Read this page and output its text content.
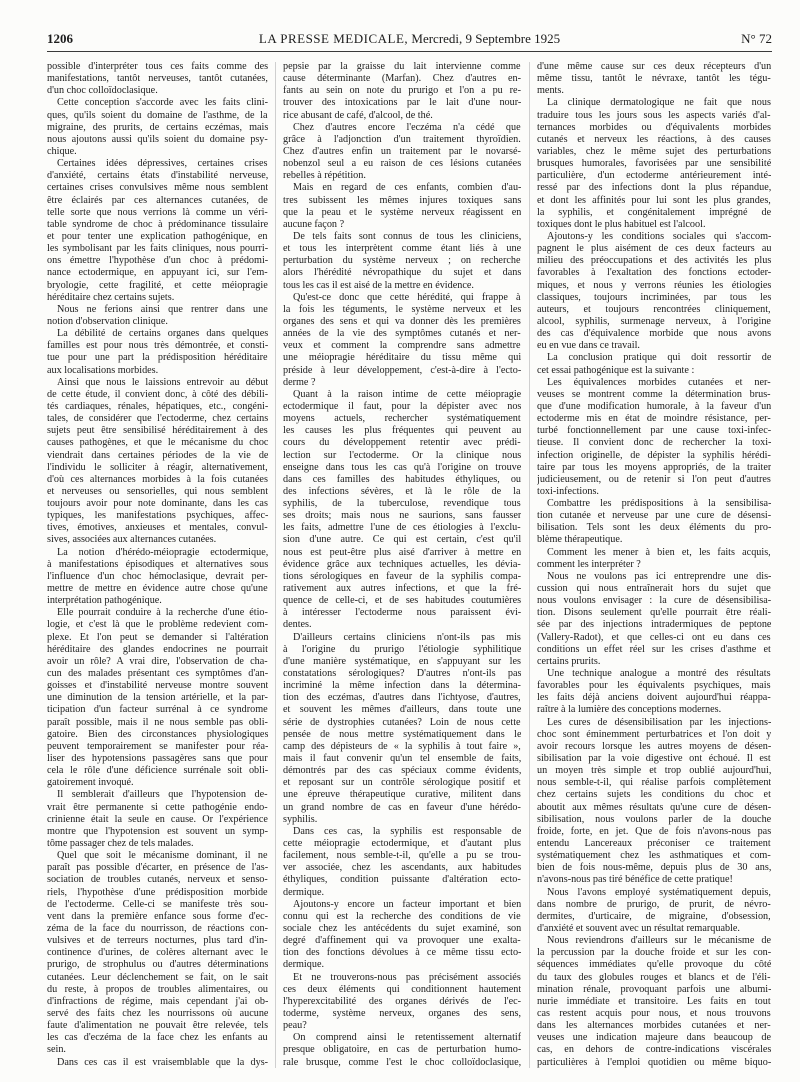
1206	LA PRESSE MEDICALE, Mercredi, 9 Septembre 1925	N° 72
possible d'interpréter tous ces faits comme des
manifestations, tantôt nerveuses, tantôt cutanées,
d'un choc colloïdoclasique.
Cette conception s'accorde avec les faits clini-
ques, qu'ils soient du domaine de l'asthme, de la
migraine, des prurits, de certains eczémas, mais
nous ajoutons aussi qu'ils soient du domaine psy-
chique.
Certaines idées dépressives, certaines crises
d'anxiété, certains états d'instabilité nerveuse,
certaines crises convulsives même nous semblent
être éclairés par ces alternances cutanées, de
telle sorte que nous verrions là comme un véri-
table syndrome de choc à prédominance tissulaire
et pour tenter une explication pathogénique, en
les symbolisant par les faits cliniques, nous pourri-
ons émettre l'hypothèse d'un choc à prédomi-
nance ectodermique, en appuyant ici, sur l'em-
bryologie, cette fragilité, et cette méiopragie
héréditaire chez certains sujets.
Nous ne ferions ainsi que rentrer dans une
notion d'observation clinique.
La débilité de certains organes dans quelques
familles est pour nous très démontrée, et consti-
tue pour une part la prédisposition héréditaire
aux localisations morbides.
Ainsi que nous le laissions entrevoir au début
de cette étude, il convient donc, à côté des débili-
tés cardiaques, rénales, hépatiques, etc., congéni-
tales, de considérer que l'ectoderme, chez certains
sujets peut être sensibilisé héréditairement à des
causes pathogènes, et que le mécanisme du choc
viendrait dans certaines périodes de la vie de
l'individu le solliciter à réagir, alternativement,
d'où ces alternances morbides à la fois cutanées
et nerveuses ou sensorielles, qui nous semblent
toujours avoir pour note dominante, dans les cas
typiques, les manifestations psychiques, affec-
tives, émotives, anxieuses et mentales, convul-
sives, associées aux alternances cutanées.
La notion d'hérédo-méiopragie ectodermique,
à manifestations épisodiques et alternatives sous
l'influence d'un choc hémoclasique, devrait per-
mettre de mettre en évidence autre chose qu'une
interprétation pathogénique.
Elle pourrait conduire à la recherche d'une étio-
logie, et c'est là que le problème redevient com-
plexe. Et l'on peut se demander si l'altération
héréditaire des glandes endocrines ne pourrait
avoir un rôle? A vrai dire, l'observation de cha-
cun des malades présentant ces symptômes d'an-
goisses et d'instabilité nerveuse montre souvent
une diminution de la tension artérielle, et la par-
ticipation d'un facteur surrénal à ce syndrome
paraît possible, mais il ne nous semble pas obli-
gatoire. Bien des circonstances physiologiques
peuvent temporairement se manifester pour réa-
liser des hypotensions passagères sans que pour
cela le rôle d'une déficience surrénale soit obli-
gatoirement invoqué.
Il semblerait d'ailleurs que l'hypotension de-
vrait être permanente si cette pathogénie endo-
crinienne était la seule en cause. Or l'expérience
montre que l'hypotension est souvent un symp-
tôme passager chez de tels malades.
Quel que soit le mécanisme dominant, il ne
paraît pas possible d'écarter, en présence de l'as-
sociation de troubles cutanés, nerveux et senso-
riels, l'hypothèse d'une prédisposition morbide
de l'ectoderme. Celle-ci se manifeste très sou-
vent dans la première enfance sous forme d'ec-
zéma de la face du nourrisson, de réactions con-
vulsives et de terreurs nocturnes, plus tard d'in-
continence d'urines, de colères alternant avec le
prurigo, de strophulus ou d'autres déterminations
cutanées. Leur déclenchement se fait, on le sait
du reste, à propos de troubles alimentaires, ou
d'infractions de régime, mais cependant j'ai ob-
servé des faits chez les nourrissons où aucune
faute d'alimentation ne pouvait être relevée, tels
les cas d'eczéma de la face chez les enfants au
sein.
Dans ces cas il est vraisemblable que la dys-
pepsie par la graisse du lait intervienne comme
cause déterminante (Marfan). Chez d'autres en-
fants au sein on note du prurigo et l'on a pu re-
trouver des intoxications par le lait d'une nour-
rice abusant de café, d'alcool, de thé.
Chez d'autres encore l'eczéma n'a cédé que
grâce à l'adjonction d'un traitement thyroïdien.
Chez d'autres enfin un traitement par le novarsé-
nobenzol seul a eu raison de ces lésions cutanées
rebelles à répétition.
Mais en regard de ces enfants, combien d'au-
tres subissent les mêmes injures toxiques sans
que la peau et le système nerveux réagissent en
aucune façon ?
De tels faits sont connus de tous les cliniciens,
et tous les interprètent comme étant liés à une
perturbation du système nerveux ; on recherche
alors l'hérédité névropathique du sujet et dans
tous les cas il est aisé de la mettre en évidence.
Qu'est-ce donc que cette hérédité, qui frappe à
la fois les téguments, le système nerveux et les
organes des sens et qui va donner dès les premières
années de la vie des symptômes cutanés et ner-
veux et comment la comprendre sans admettre
une méiopragie héréditaire du tissu même qui
préside à leur développement, c'est-à-dire à l'ecto-
derme ?
Quant à la raison intime de cette méiopragie
ectodermique il faut, pour la dépister avec nos
moyens actuels, rechercher systématiquement
les causes les plus fréquentes qui peuvent au
cours du développement retentir avec prédi-
lection sur l'ectoderme. Or la clinique nous
enseigne dans tous les cas qu'à l'origine on trouve
dans ces familles des habitudes éthyliques, ou
des infections sévères, et là le rôle de la
syphilis, de la tuberculose, revendique tous
ses droits; mais nous ne saurions, sans fausser
les faits, admettre l'une de ces étiologies à l'exclu-
sion d'une autre. Ce qui est certain, c'est qu'il
nous est peut-être plus aisé d'arriver à mettre en
évidence grâce aux techniques actuelles, les dévia-
tions sérologiques en faveur de la syphilis compa-
rativement aux autres infections, et que la fré-
quence de celle-ci, et de ses habitudes coutumières
à intéresser l'ectoderme nous paraissent évi-
dentes.
D'ailleurs certains cliniciens n'ont-ils pas mis
à l'origine du prurigo l'étiologie syphilitique
d'une manière systématique, en s'appuyant sur les
constatations sérologiques? D'autres n'ont-ils pas
incriminé la même infection dans la détermina-
tion des eczémas, d'autres dans l'ichtyose, d'autres,
et souvent les mêmes d'ailleurs, dans toute une
série de dystrophies cutanées? Loin de nous cette
pensée de nous mettre systématiquement dans le
camp des dépisteurs de « la syphilis à tout faire »,
mais il faut convenir qu'un tel ensemble de faits,
démontrés par des cas spéciaux comme évidents,
et reposant sur un contrôle sérologique positif et
une épreuve thérapeutique curative, militent dans
un grand nombre de cas en faveur d'une hérédo-
syphilis.
Dans ces cas, la syphilis est responsable de
cette méiopragie ectodermique, et d'autant plus
facilement, nous semble-t-il, qu'elle a pu se trou-
ver associée, chez les ascendants, aux habitudes
éthyliques, condition puissante d'altération ecto-
dermique.
Ajoutons-y encore un facteur important et bien
connu qui est la recherche des conditions de vie
sociale chez les antécédents du sujet examiné, son
degré d'affinement qui va provoquer une exalta-
tion des fonctions dévolues à ce même tissu ecto-
dermique.
Et ne trouverons-nous pas précisément associés
ces deux éléments qui conditionnent hautement
l'hyperexcitabilité des organes dérivés de l'ec-
toderme, système nerveux, organes des sens,
peau?
On comprend ainsi le retentissement alternatif
presque obligatoire, en cas de perturbation humo-
rale brusque, comme l'est le choc colloïdoclasique,
d'une même cause sur ces deux récepteurs d'un
même tissu, tantôt le névraxe, tantôt les tégu-
ments.
La clinique dermatologique ne fait que nous
traduire tous les jours sous les aspects variés d'al-
ternances morbides ou d'équivalents morbides
cutanés et nerveux les réactions, à des causes
variables, chez le même sujet des perturbations
brusques humorales, favorisées par une sensibilité
particulière, d'un ectoderme antérieurement inté-
ressé par des infections dont la plus répandue,
et dont les affinités pour lui sont les plus grandes,
la syphilis, et congénitalement imprégné de
toxiques dont le plus habituel est l'alcool.
Ajoutons-y les conditions sociales qui s'accom-
pagnent le plus aisément de ces deux facteurs au
milieu des préoccupations et des activités les plus
favorables à l'exaltation des fonctions ectoder-
miques, et nous y verrons réunies les étiologies
classiques, toujours incriminées, par tous les
auteurs, et toujours rencontrées cliniquement,
alcool, syphilis, surmenage nerveux, à l'origine
des cas d'équivalence morbide que nous avons
eu en vue dans ce travail.
La conclusion pratique qui doit ressortir de
cet essai pathogénique est la suivante :
Les équivalences morbides cutanées et ner-
veuses se montrent comme la détermination brus-
que d'une modification humorale, à la faveur d'un
ectoderme mis en état de moindre résistance, per-
turbé fonctionnellement par une cause toxi-infec-
tieuse. Il convient donc de rechercher la toxi-
infection originelle, de dépister la syphilis hérédi-
taire par tous les moyens appropriés, de la traiter
judicieusement, ou de retenir si l'on peut d'autres
toxi-infections.
Combattre les prédispositions à la sensibilisa-
tion cutanée et nerveuse par une cure de désensi-
bilisation. Tels sont les deux éléments du pro-
blème thérapeutique.
Comment les mener à bien et, les faits acquis,
comment les interpréter ?
Nous ne voulons pas ici entreprendre une dis-
cussion qui nous entraînerait hors du sujet que
nous voulons envisager : la cure de désensibilisa-
tion. Disons seulement qu'elle pourrait être réali-
sée par des injections intradermiques de peptone
(Vallery-Radot), et que celles-ci ont eu dans ces
conditions un effet réel sur les crises d'asthme et
certains prurits.
Une technique analogue a montré des résultats
favorables pour les équivalents psychiques, mais
les faits déjà anciens doivent aujourd'hui réappa-
raître à la lumière des conceptions modernes.
Les cures de désensibilisation par les injections-
choc sont éminemment perturbatrices et l'on doit y
avoir recours lorsque les autres moyens de désen-
sibilisation par la voie digestive ont échoué. Il est
un moyen très simple et trop oublié aujourd'hui,
nous semble-t-il, qui réalise parfois complètement
chez certains sujets les conditions du choc et
aboutit aux mêmes résultats qu'une cure de désen-
sibilisation, nous voulons parler de la douche
froide, forte, en jet. Que de fois n'avons-nous pas
entendu Lancereaux préconiser ce traitement
systématiquement chez les asthmatiques et com-
bien de fois nous-même, depuis plus de 30 ans,
n'avons-nous pas tiré bénéfice de cette pratique!
Nous l'avons employé systématiquement depuis,
dans nombre de prurigo, de prurit, de névro-
dermites, d'urticaire, de migraine, d'obsession,
d'anxiété et souvent avec un résultat remarquable.
Nous reviendrons d'ailleurs sur le mécanisme de
la percussion par la douche froide et sur les con-
séquences immédiates qu'elle provoque du côté
du taux des globules rouges et blancs et de l'éli-
mination rénale, provoquant parfois une albumi-
nurie immédiate et transitoire. Les faits en tout
cas restent acquis pour nous, et nous trouvons
dans les alternances morbides cutanées et ner-
veuses une indication majeure dans beaucoup de
cas, en dehors de contre-indications viscérales
particulières à l'emploi quotidien ou même biquo-
